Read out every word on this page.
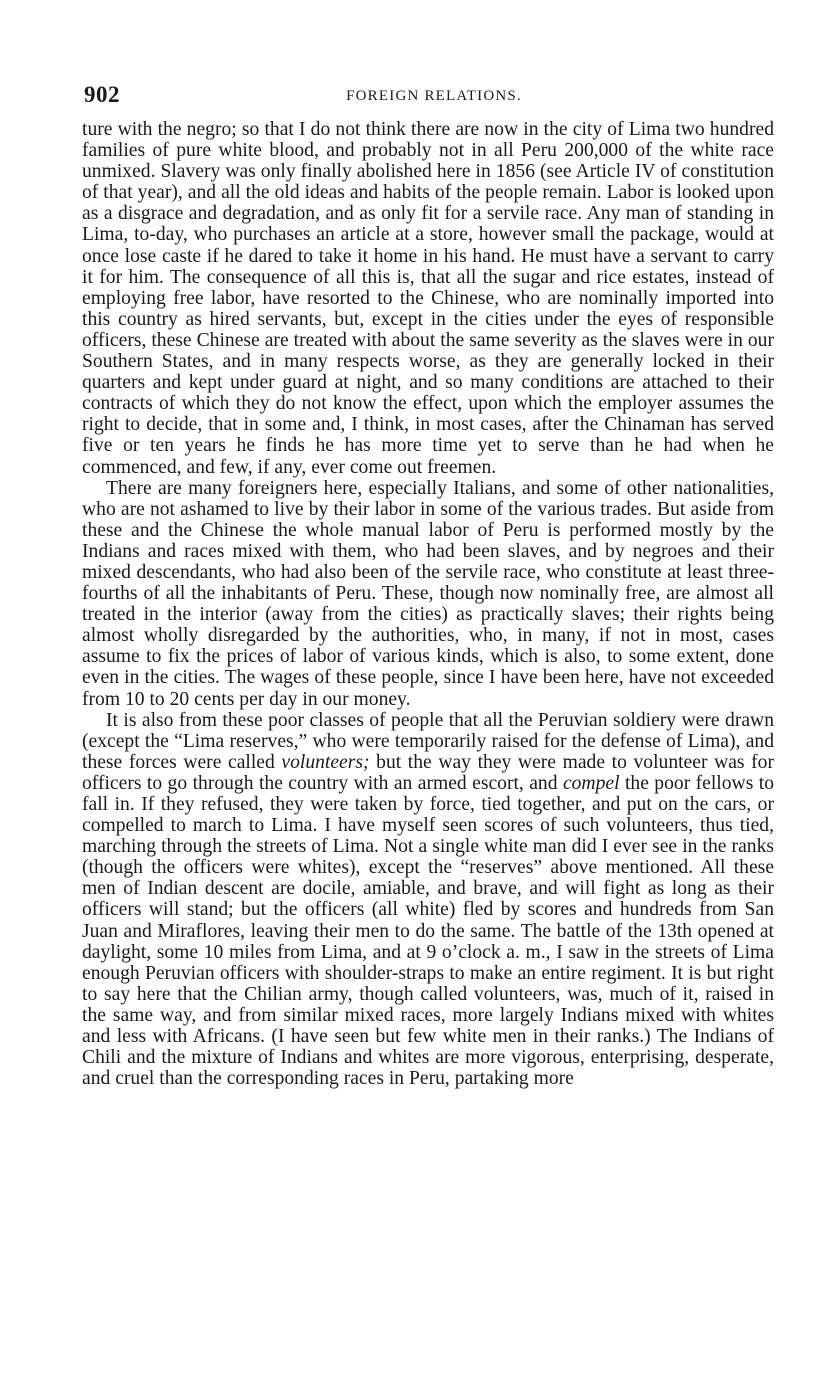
902	FOREIGN RELATIONS.

ture with the negro; so that I do not think there are now in the city of Lima two hundred families of pure white blood, and probably not in all Peru 200,000 of the white race unmixed. Slavery was only finally abolished here in 1856 (see Article IV of constitution of that year), and all the old ideas and habits of the people remain. Labor is looked upon as a disgrace and degradation, and as only fit for a servile race. Any man of standing in Lima, to-day, who purchases an article at a store, however small the package, would at once lose caste if he dared to take it home in his hand. He must have a servant to carry it for him. The consequence of all this is, that all the sugar and rice estates, instead of employing free labor, have resorted to the Chinese, who are nominally imported into this country as hired servants, but, except in the cities under the eyes of responsible officers, these Chinese are treated with about the same severity as the slaves were in our Southern States, and in many respects worse, as they are generally locked in their quarters and kept under guard at night, and so many conditions are attached to their contracts of which they do not know the effect, upon which the employer assumes the right to decide, that in some and, I think, in most cases, after the Chinaman has served five or ten years he finds he has more time yet to serve than he had when he commenced, and few, if any, ever come out freemen.

There are many foreigners here, especially Italians, and some of other nationalities, who are not ashamed to live by their labor in some of the various trades. But aside from these and the Chinese the whole manual labor of Peru is performed mostly by the Indians and races mixed with them, who had been slaves, and by negroes and their mixed descendants, who had also been of the servile race, who constitute at least three-fourths of all the inhabitants of Peru. These, though now nominally free, are almost all treated in the interior (away from the cities) as practically slaves; their rights being almost wholly disregarded by the authorities, who, in many, if not in most, cases assume to fix the prices of labor of various kinds, which is also, to some extent, done even in the cities. The wages of these people, since I have been here, have not exceeded from 10 to 20 cents per day in our money.

It is also from these poor classes of people that all the Peruvian soldiery were drawn (except the “Lima reserves,” who were temporarily raised for the defense of Lima), and these forces were called volunteers; but the way they were made to volunteer was for officers to go through the country with an armed escort, and compel the poor fellows to fall in. If they refused, they were taken by force, tied together, and put on the cars, or compelled to march to Lima. I have myself seen scores of such volunteers, thus tied, marching through the streets of Lima. Not a single white man did I ever see in the ranks (though the officers were whites), except the “reserves” above mentioned. All these men of Indian descent are docile, amiable, and brave, and will fight as long as their officers will stand; but the officers (all white) fled by scores and hundreds from San Juan and Miraflores, leaving their men to do the same. The battle of the 13th opened at daylight, some 10 miles from Lima, and at 9 o’clock a. m., I saw in the streets of Lima enough Peruvian officers with shoulder-straps to make an entire regiment. It is but right to say here that the Chilian army, though called volunteers, was, much of it, raised in the same way, and from similar mixed races, more largely Indians mixed with whites and less with Africans. (I have seen but few white men in their ranks.) The Indians of Chili and the mixture of Indians and whites are more vigorous, enterprising, desperate, and cruel than the corresponding races in Peru, partaking more
